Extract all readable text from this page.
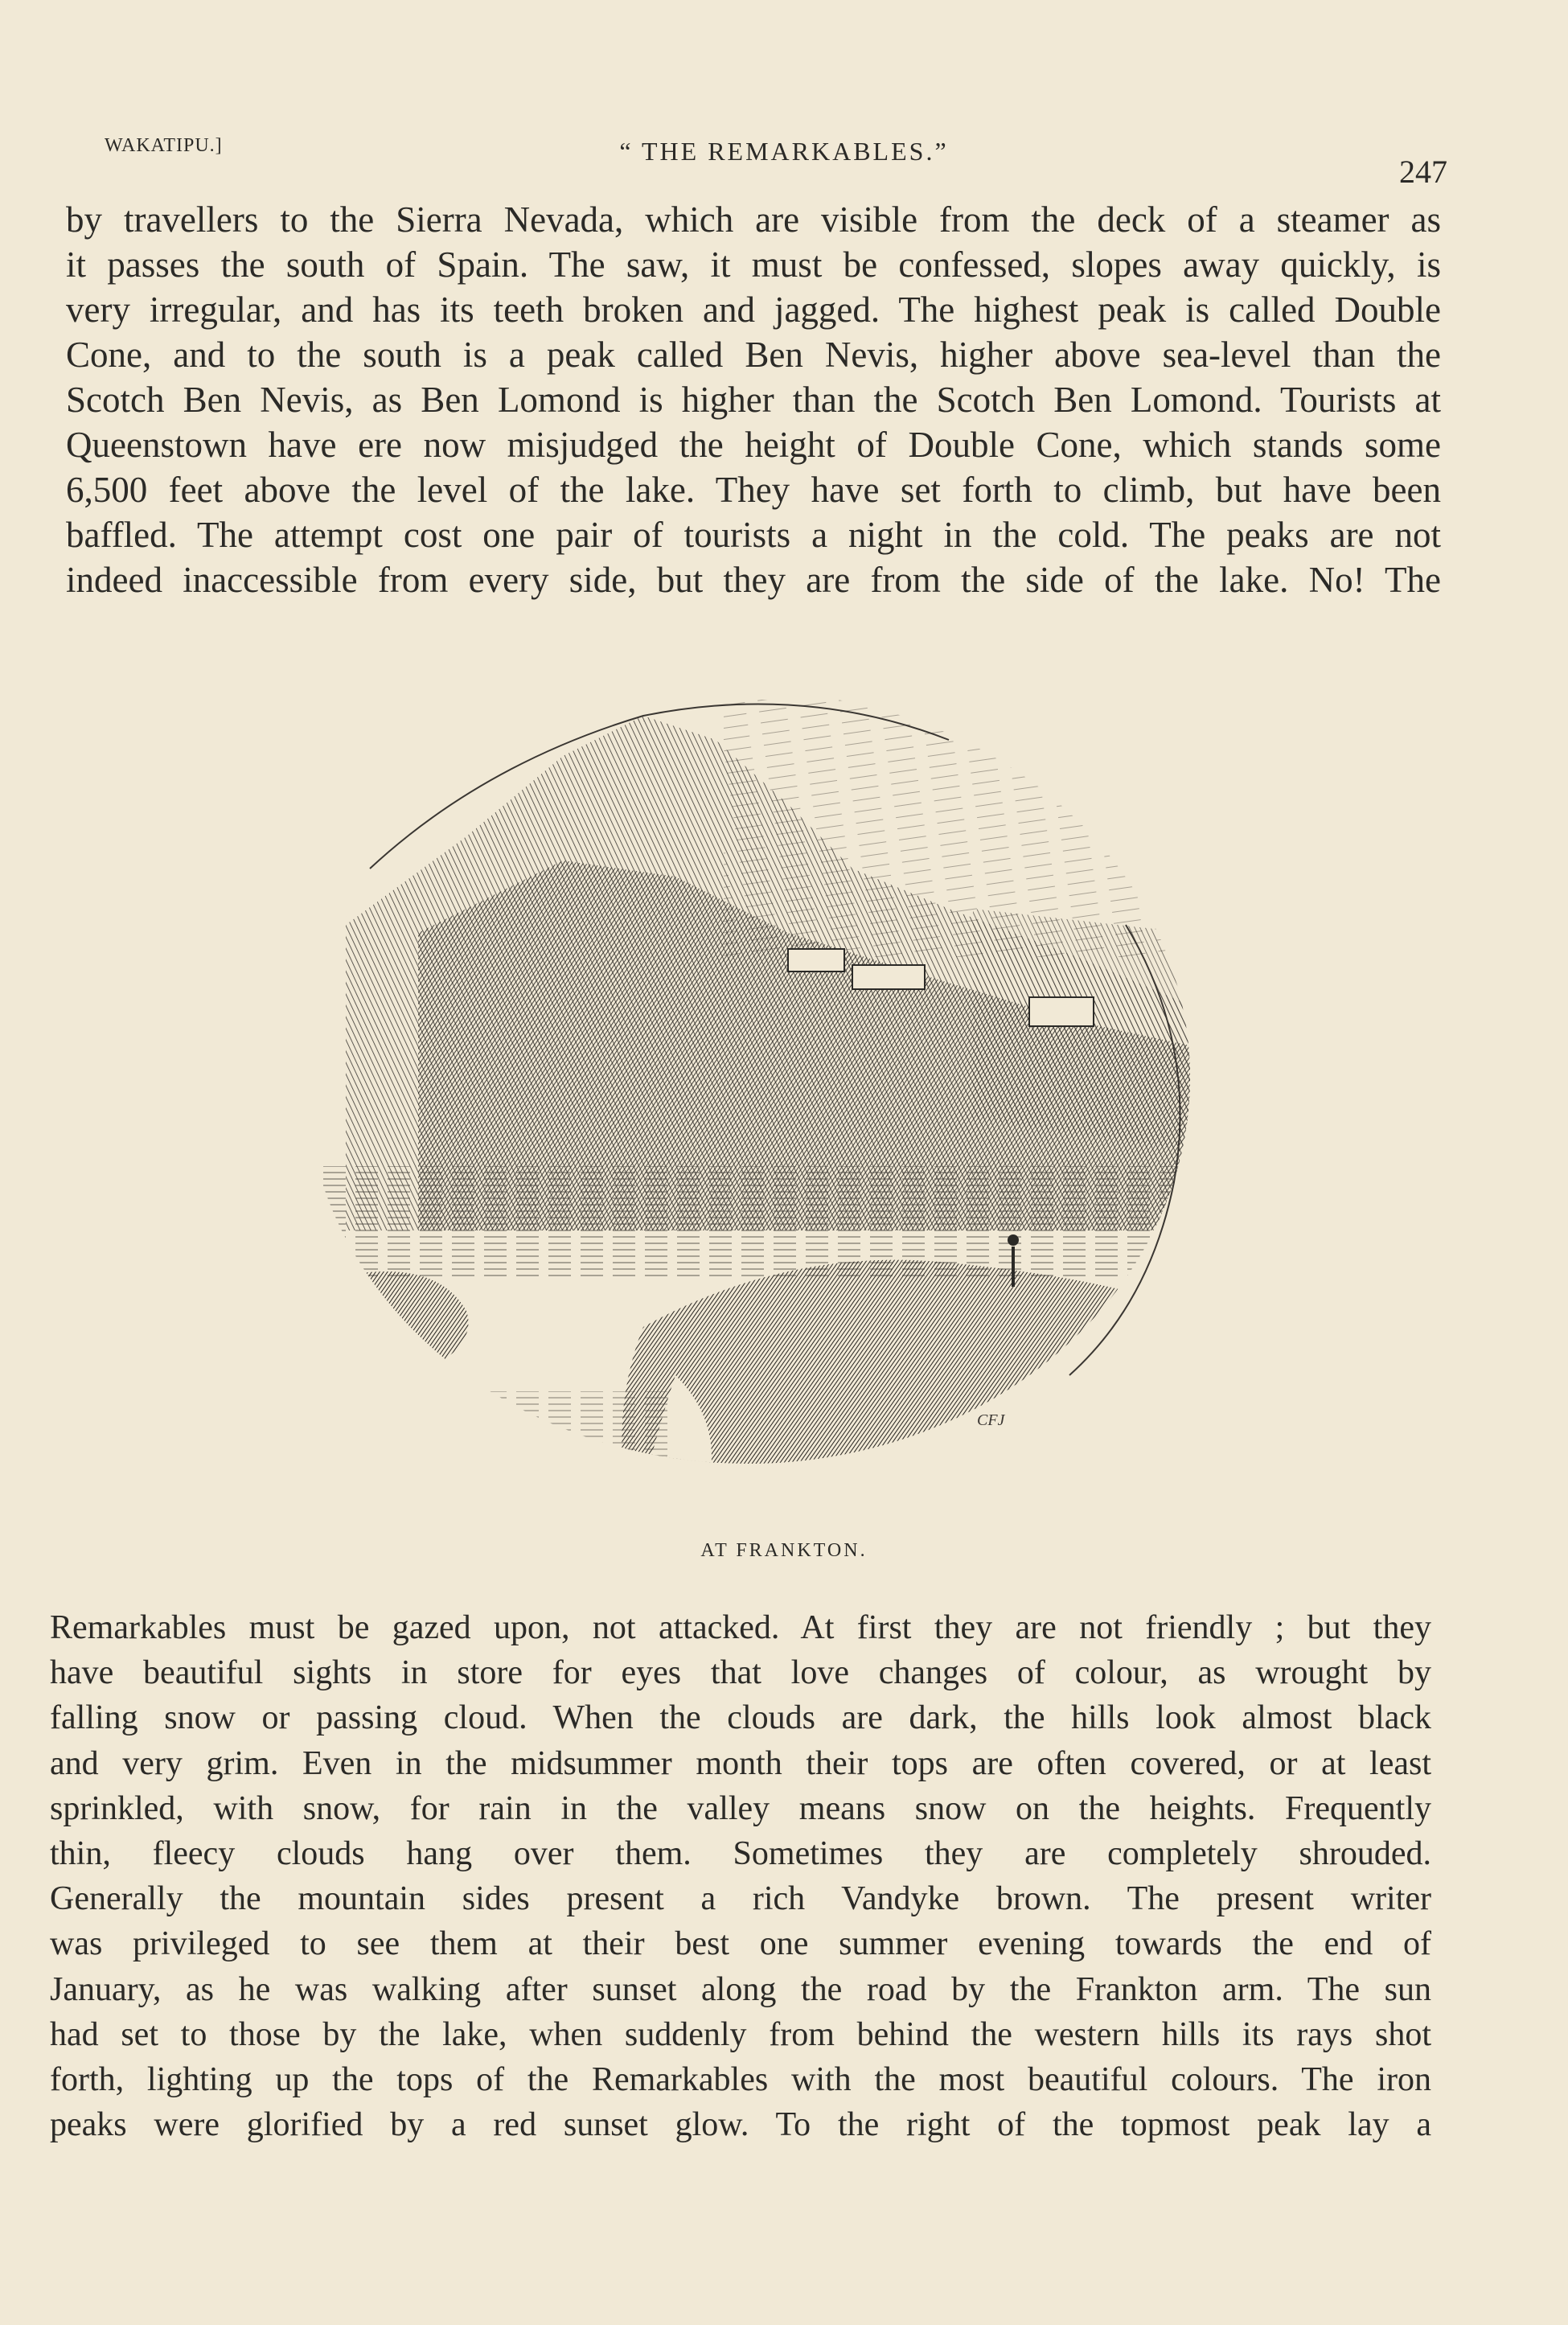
WAKATIPU.]	“ THE REMARKABLES.”
247
by travellers to the Sierra Nevada, which are visible from the deck of a steamer as
it passes the south of Spain. The saw, it must be confessed, slopes away quickly, is
very irregular, and has its teeth broken and jagged. The highest peak is called Double
Cone, and to the south is a peak called Ben Nevis, higher above sea-level than the
Scotch Ben Nevis, as Ben Lomond is higher than the Scotch Ben Lomond. Tourists at
Queenstown have ere now misjudged the height of Double Cone, which stands some
6,500 feet above the level of the lake. They have set forth to climb, but have been
baffled. The attempt cost one pair of tourists a night in the cold. The peaks are not
indeed inaccessible from every side, but they are from the side of the lake. No! The
CFJ
AT FRANKTON.
Remarkables must be gazed upon, not attacked. At first they are not friendly ; but they
have beautiful sights in store for eyes that love changes of colour, as wrought by
falling snow or passing cloud. When the clouds are dark, the hills look almost black
and very grim. Even in the midsummer month their tops are often covered, or at least
sprinkled, with snow, for rain in the valley means snow on the heights. Frequently
thin, fleecy clouds hang over them. Sometimes they are completely shrouded.
Generally the mountain sides present a rich Vandyke brown. The present writer
was privileged to see them at their best one summer evening towards the end of
January, as he was walking after sunset along the road by the Frankton arm. The sun
had set to those by the lake, when suddenly from behind the western hills its rays shot
forth, lighting up the tops of the Remarkables with the most beautiful colours. The iron
peaks were glorified by a red sunset glow. To the right of the topmost peak lay a
